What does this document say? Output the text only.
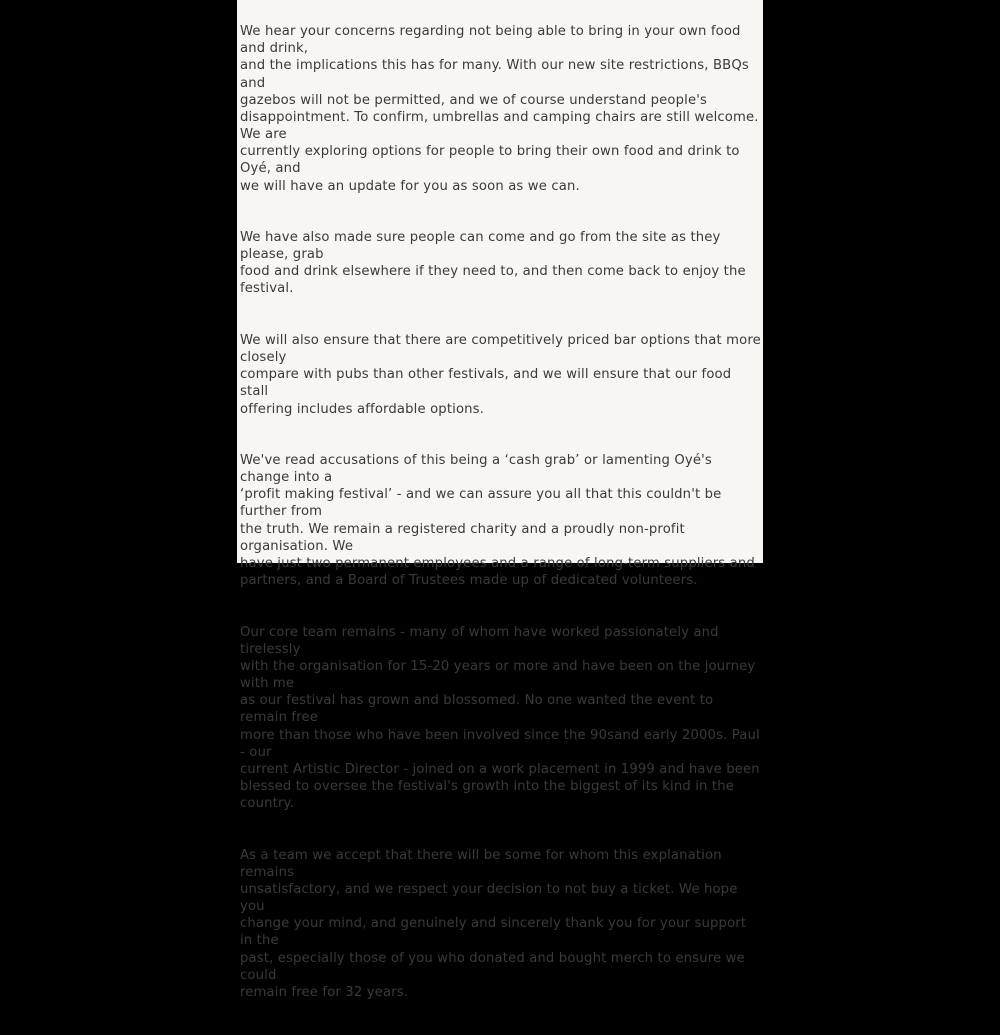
We hear your concerns regarding not being able to bring in your own food and drink,
and the implications this has for many. With our new site restrictions, BBQs and
gazebos will not be permitted, and we of course understand people's
disappointment. To confirm, umbrellas and camping chairs are still welcome. We are
currently exploring options for people to bring their own food and drink to Oyé, and
we will have an update for you as soon as we can.

We have also made sure people can come and go from the site as they please, grab
food and drink elsewhere if they need to, and then come back to enjoy the festival.

We will also ensure that there are competitively priced bar options that more closely
compare with pubs than other festivals, and we will ensure that our food stall
offering includes affordable options.

We've read accusations of this being a ‘cash grab’ or lamenting Oyé's change into a
‘profit making festival’ - and we can assure you all that this couldn't be further from
the truth. We remain a registered charity and a proudly non-profit organisation. We
have just two permanent employees and a range of long-term suppliers and
partners, and a Board of Trustees made up of dedicated volunteers.

Our core team remains - many of whom have worked passionately and tirelessly
with the organisation for 15-20 years or more and have been on the journey with me
as our festival has grown and blossomed. No one wanted the event to remain free
more than those who have been involved since the 90sand early 2000s. Paul - our
current Artistic Director - joined on a work placement in 1999 and have been
blessed to oversee the festival's growth into the biggest of its kind in the country.

As a team we accept that there will be some for whom this explanation remains
unsatisfactory, and we respect your decision to not buy a ticket. We hope you
change your mind, and genuinely and sincerely thank you for your support in the
past, especially those of you who donated and bought merch to ensure we could
remain free for 32 years.
